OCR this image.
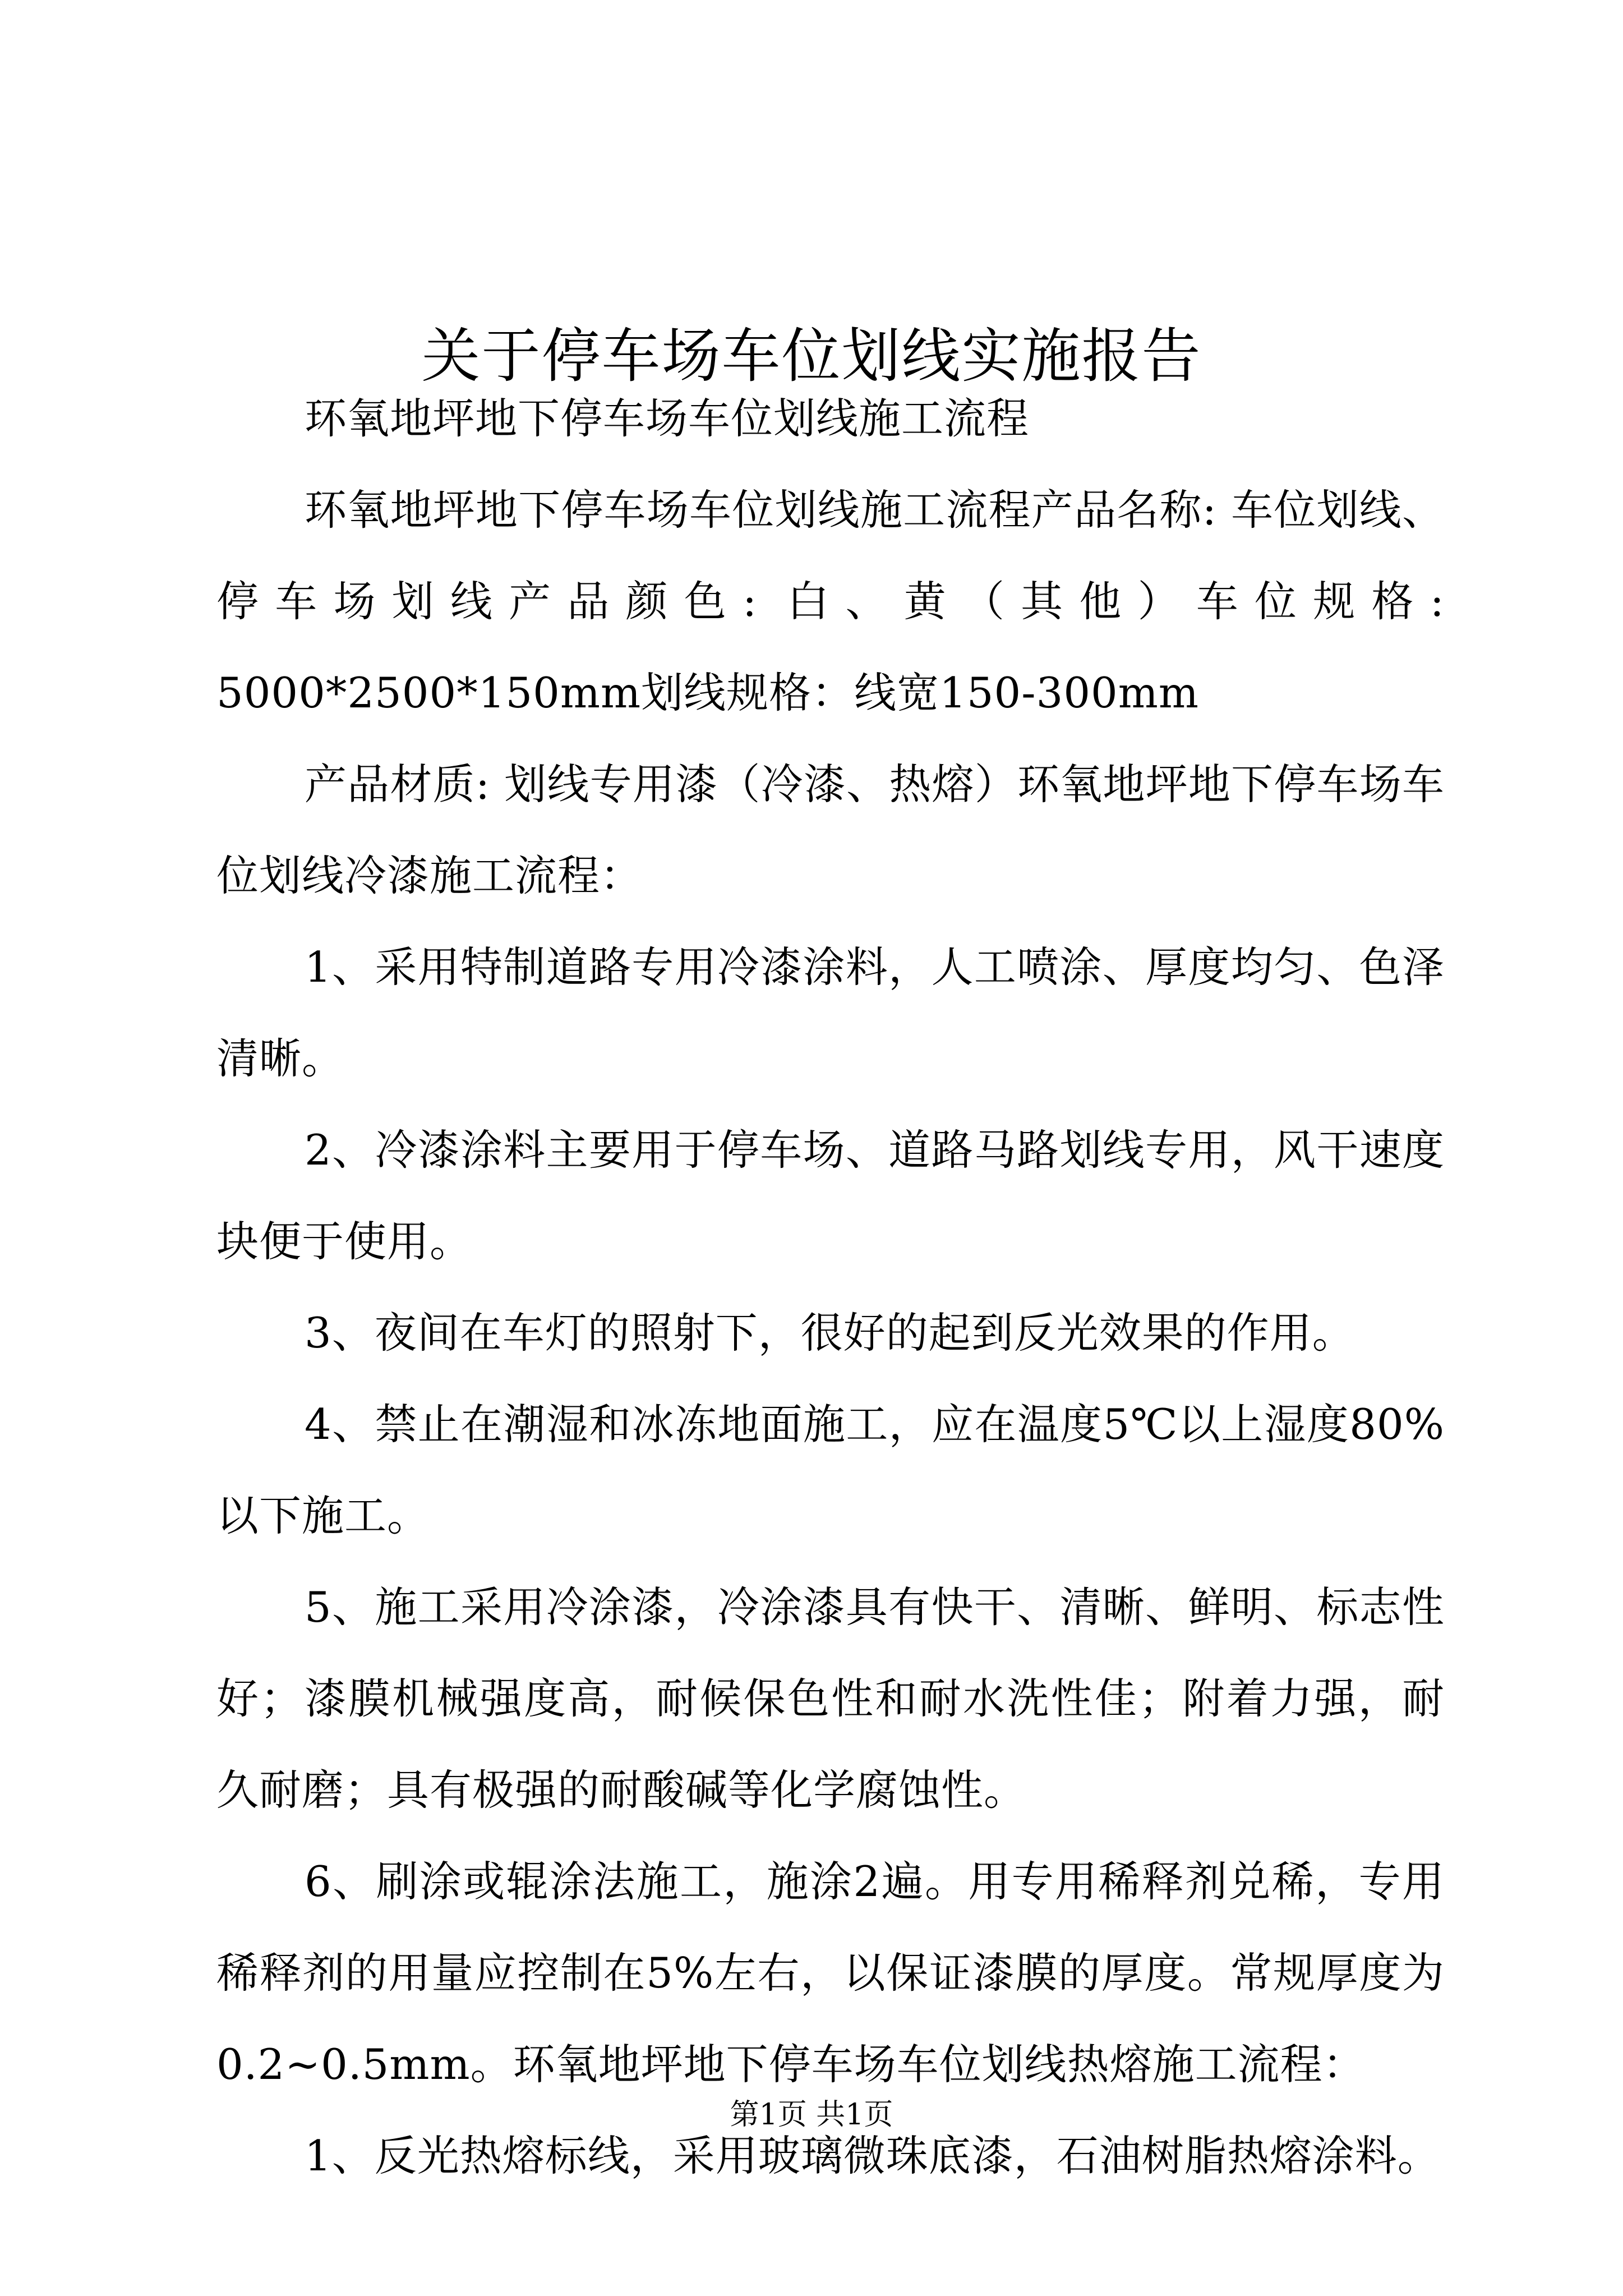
关于停车场车位划线实施报告

环氧地坪地下停车场车位划线施工流程

环氧地坪地下停车场车位划线施工流程产品名称: 车位划线、停车场划线产品颜色: 白、黄（其他）车位规格: 5000*2500*150mm划线规格：线宽150-300mm

产品材质: 划线专用漆（冷漆、热熔）环氧地坪地下停车场车位划线冷漆施工流程：

1、采用特制道路专用冷漆涂料，人工喷涂、厚度均匀、色泽清晰。

2、冷漆涂料主要用于停车场、道路马路划线专用，风干速度块便于使用。

3、夜间在车灯的照射下，很好的起到反光效果的作用。

4、禁止在潮湿和冰冻地面施工，应在温度5℃以上湿度80%以下施工。

5、施工采用冷涂漆，冷涂漆具有快干、清晰、鲜明、标志性好；漆膜机械强度高，耐候保色性和耐水洗性佳；附着力强，耐久耐磨；具有极强的耐酸碱等化学腐蚀性。

6、刷涂或辊涂法施工，施涂2遍。用专用稀释剂兑稀，专用稀释剂的用量应控制在5%左右，以保证漆膜的厚度。常规厚度为0.2~0.5mm。环氧地坪地下停车场车位划线热熔施工流程：

1、反光热熔标线，采用玻璃微珠底漆，石油树脂热熔涂料。

第1页 共1页
